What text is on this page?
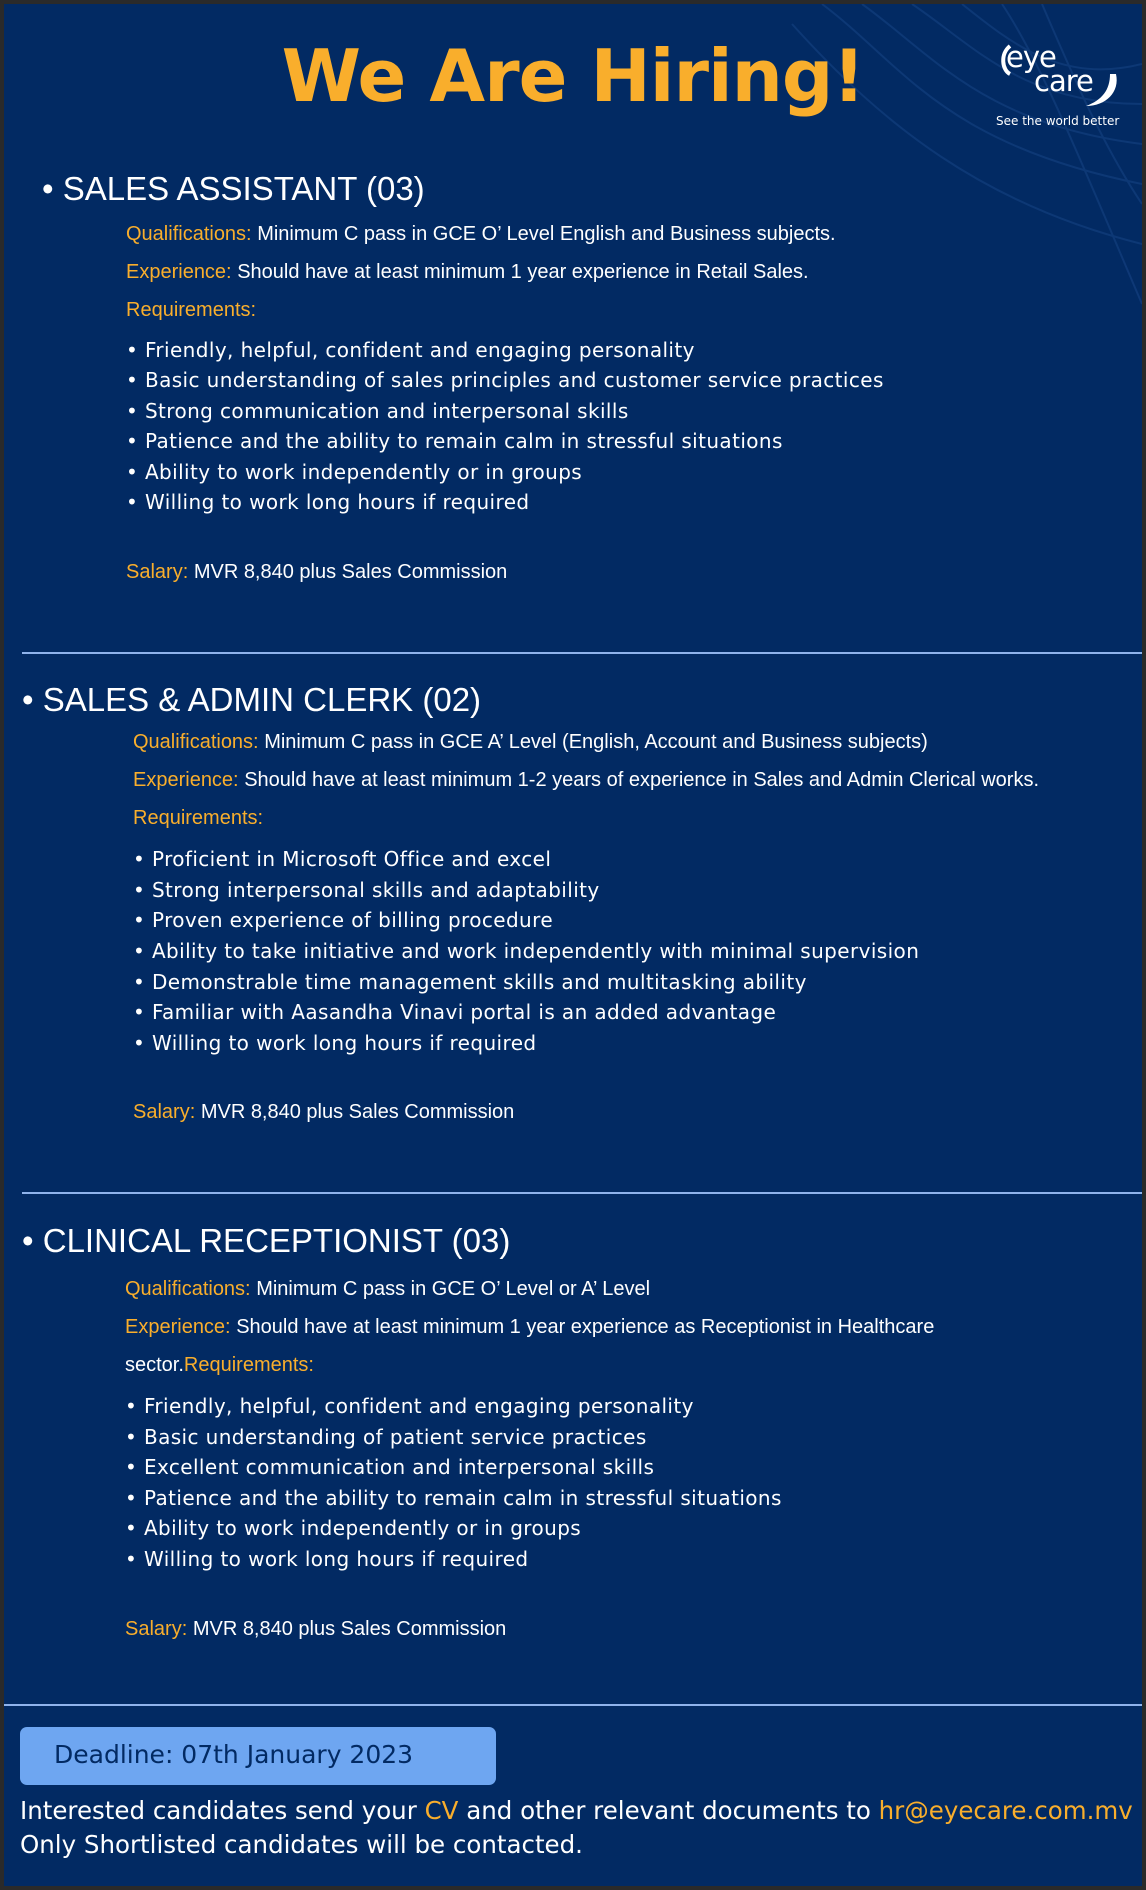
We Are Hiring!	eye
care
See the world better
• SALES ASSISTANT (03)
Qualifications: Minimum C pass in GCE O’ Level English and Business subjects.
Experience: Should have at least minimum 1 year experience in Retail Sales.
Requirements:
• Friendly, helpful, confident and engaging personality
• Basic understanding of sales principles and customer service practices
• Strong communication and interpersonal skills
• Patience and the ability to remain calm in stressful situations
• Ability to work independently or in groups
• Willing to work long hours if required
Salary: MVR 8,840 plus Sales Commission
• SALES & ADMIN CLERK (02)
Qualifications: Minimum C pass in GCE A’ Level (English, Account and Business subjects)
Experience: Should have at least minimum 1-2 years of experience in Sales and Admin Clerical works.
Requirements:
• Proficient in Microsoft Office and excel
• Strong interpersonal skills and adaptability
• Proven experience of billing procedure
• Ability to take initiative and work independently with minimal supervision
• Demonstrable time management skills and multitasking ability
• Familiar with Aasandha Vinavi portal is an added advantage
• Willing to work long hours if required
Salary: MVR 8,840 plus Sales Commission
• CLINICAL RECEPTIONIST (03)
Qualifications: Minimum C pass in GCE O’ Level or A’ Level
Experience: Should have at least minimum 1 year experience as Receptionist in Healthcare
sector.Requirements:
• Friendly, helpful, confident and engaging personality
• Basic understanding of patient service practices
• Excellent communication and interpersonal skills
• Patience and the ability to remain calm in stressful situations
• Ability to work independently or in groups
• Willing to work long hours if required
Salary: MVR 8,840 plus Sales Commission
Deadline: 07th January 2023
Interested candidates send your CV and other relevant documents to hr@eyecare.com.mv
Only Shortlisted candidates will be contacted.
